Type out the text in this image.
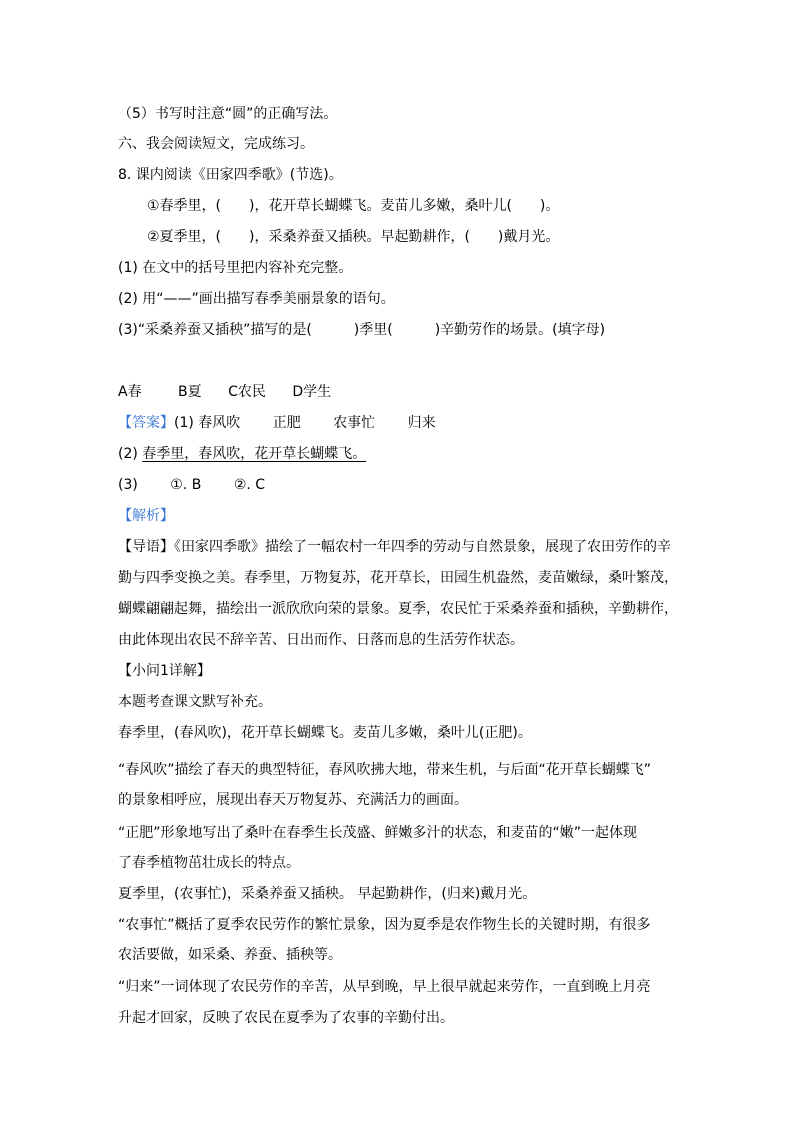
（5）书写时注意“圆”的正确写法。
六、我会阅读短文，完成练习。
8. 课内阅读《田家四季歌》(节选)。
①春季里，(　　)，花开草长蝴蝶飞。麦苗儿多嫩，桑叶儿(　　)。
②夏季里，(　　)，采桑养蚕又插秧。早起勤耕作，(　　)戴月光。
(1) 在文中的括号里把内容补充完整。
(2) 用“——”画出描写春季美丽景象的语句。
(3)“采桑养蚕又插秧”描写的是(　　　)季里(　　　)辛勤劳作的场景。(填字母)
A春	B夏 C农民 D学生
【答案】(1) 春风吹 正肥 农事忙 归来
(2) 春季里，春风吹，花开草长蝴蝶飞。
(3) ①. B ②. C
【解析】
【导语】《田家四季歌》描绘了一幅农村一年四季的劳动与自然景象，展现了农田劳作的辛
勤与四季变换之美。春季里，万物复苏，花开草长，田园生机盎然，麦苗嫩绿，桑叶繁茂，
蝴蝶翩翩起舞，描绘出一派欣欣向荣的景象。夏季，农民忙于采桑养蚕和插秧，辛勤耕作，
由此体现出农民不辞辛苦、日出而作、日落而息的生活劳作状态。
【小问1详解】
本题考查课文默写补充。
春季里，(春风吹)，花开草长蝴蝶飞。麦苗儿多嫩，桑叶儿(正肥)。
“春风吹”描绘了春天的典型特征，春风吹拂大地，带来生机，与后面“花开草长蝴蝶飞”
的景象相呼应，展现出春天万物复苏、充满活力的画面。
“正肥”形象地写出了桑叶在春季生长茂盛、鲜嫩多汁的状态，和麦苗的“嫩”一起体现
了春季植物茁壮成长的特点。
夏季里，(农事忙)，采桑养蚕又插秧。 早起勤耕作，(归来)戴月光。
“农事忙”概括了夏季农民劳作的繁忙景象，因为夏季是农作物生长的关键时期，有很多
农活要做，如采桑、养蚕、插秧等。
“归来”一词体现了农民劳作的辛苦，从早到晚，早上很早就起来劳作，一直到晚上月亮
升起才回家，反映了农民在夏季为了农事的辛勤付出。
